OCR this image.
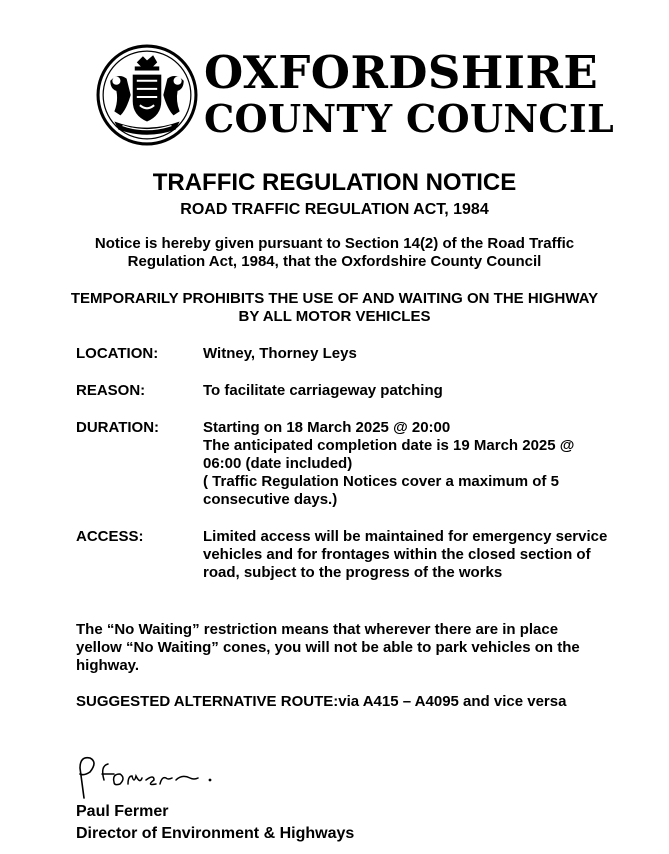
OXFORDSHIRE
COUNTY COUNCIL
TRAFFIC REGULATION NOTICE
ROAD TRAFFIC REGULATION ACT, 1984
Notice is hereby given pursuant to Section 14(2) of the Road Traffic
Regulation Act, 1984, that the Oxfordshire County Council
TEMPORARILY PROHIBITS THE USE OF AND WAITING ON THE HIGHWAY
BY ALL MOTOR VEHICLES
LOCATION:	Witney, Thorney Leys
REASON:	To facilitate carriageway patching
DURATION:	Starting on 18 March 2025 @ 20:00
The anticipated completion date is 19 March 2025 @
06:00 (date included)
( Traffic Regulation Notices cover a maximum of 5
consecutive days.)
ACCESS:	Limited access will be maintained for emergency service
vehicles and for frontages within the closed section of
road, subject to the progress of the works
The “No Waiting” restriction means that wherever there are in place
yellow “No Waiting” cones, you will not be able to park vehicles on the
highway.
SUGGESTED ALTERNATIVE ROUTE:via A415 – A4095 and vice versa
Paul Fermer
Director of Environment & Highways
